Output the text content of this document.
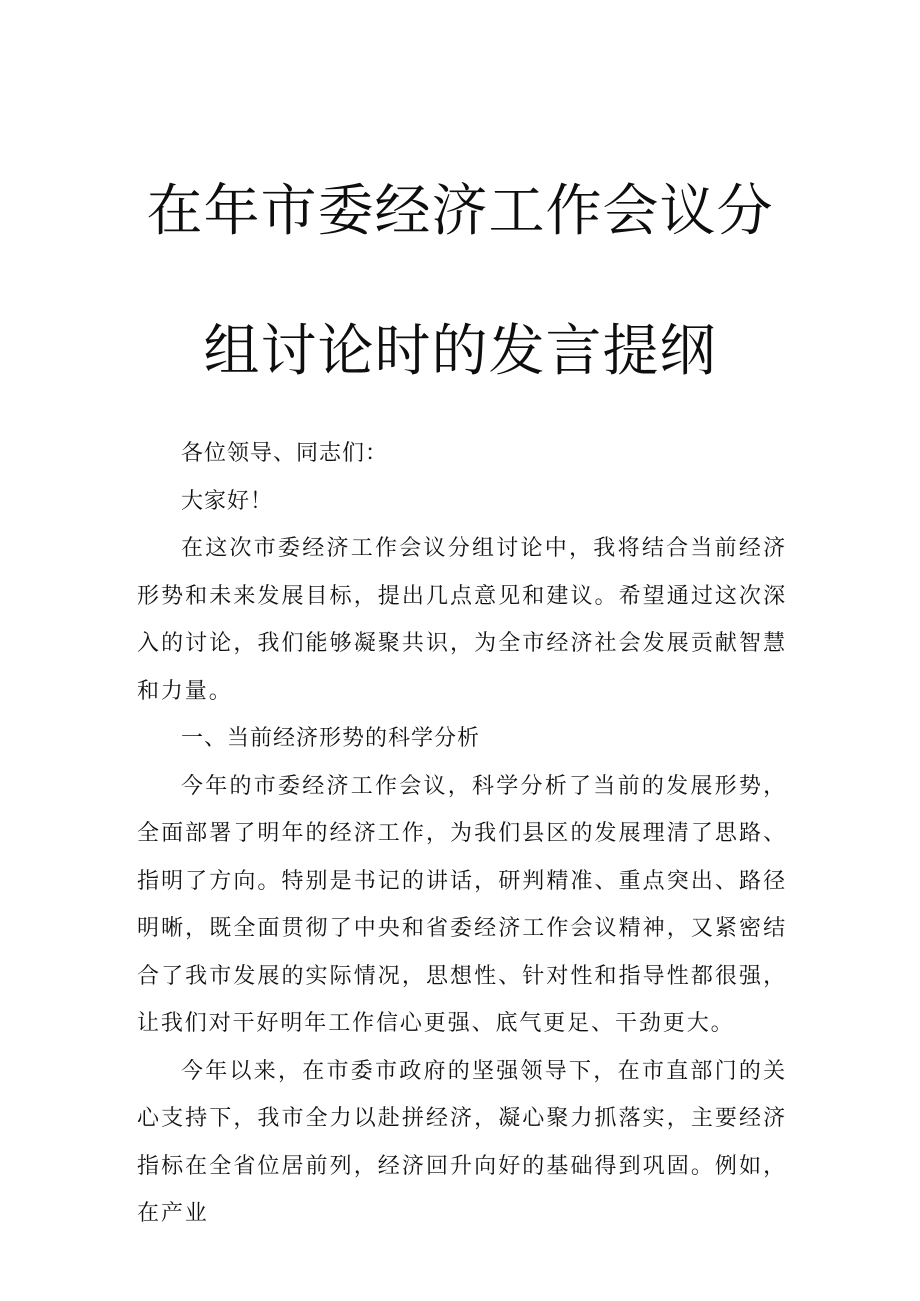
在年市委经济工作会议分
组讨论时的发言提纲

各位领导、同志们：

大家好！

在这次市委经济工作会议分组讨论中，我将结合当前经济形势和未来发展目标，提出几点意见和建议。希望通过这次深入的讨论，我们能够凝聚共识，为全市经济社会发展贡献智慧和力量。

一、当前经济形势的科学分析

今年的市委经济工作会议，科学分析了当前的发展形势，全面部署了明年的经济工作，为我们县区的发展理清了思路、指明了方向。特别是书记的讲话，研判精准、重点突出、路径明晰，既全面贯彻了中央和省委经济工作会议精神，又紧密结合了我市发展的实际情况，思想性、针对性和指导性都很强，让我们对干好明年工作信心更强、底气更足、干劲更大。

今年以来，在市委市政府的坚强领导下，在市直部门的关心支持下，我市全力以赴拼经济，凝心聚力抓落实，主要经济指标在全省位居前列，经济回升向好的基础得到巩固。例如，在产业
